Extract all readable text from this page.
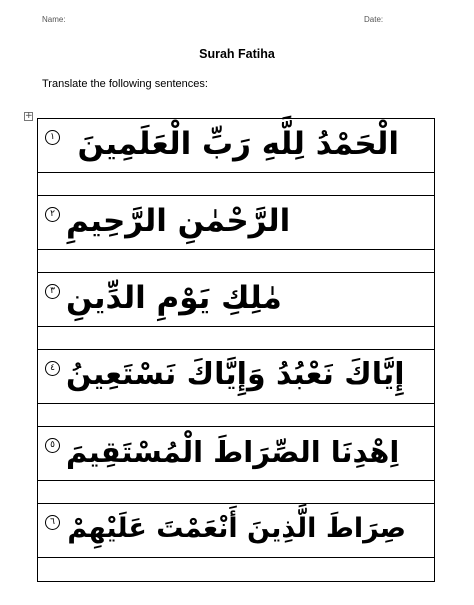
Name:	Date:
Surah Fatiha
Translate the following sentences:
+
الْحَمْدُ لِلَّهِ رَبِّ الْعَلَمِينَ
١
الرَّحْمٰنِ الرَّحِيمِ
٢
مٰلِكِ يَوْمِ الدِّينِ
٣
إِيَّاكَ نَعْبُدُ وَإِيَّاكَ نَسْتَعِينُ
٤
اِهْدِنَا الصِّرَاطَ الْمُسْتَقِيمَ
٥
صِرَاطَ الَّذِينَ أَنْعَمْتَ عَلَيْهِمْ
٦
